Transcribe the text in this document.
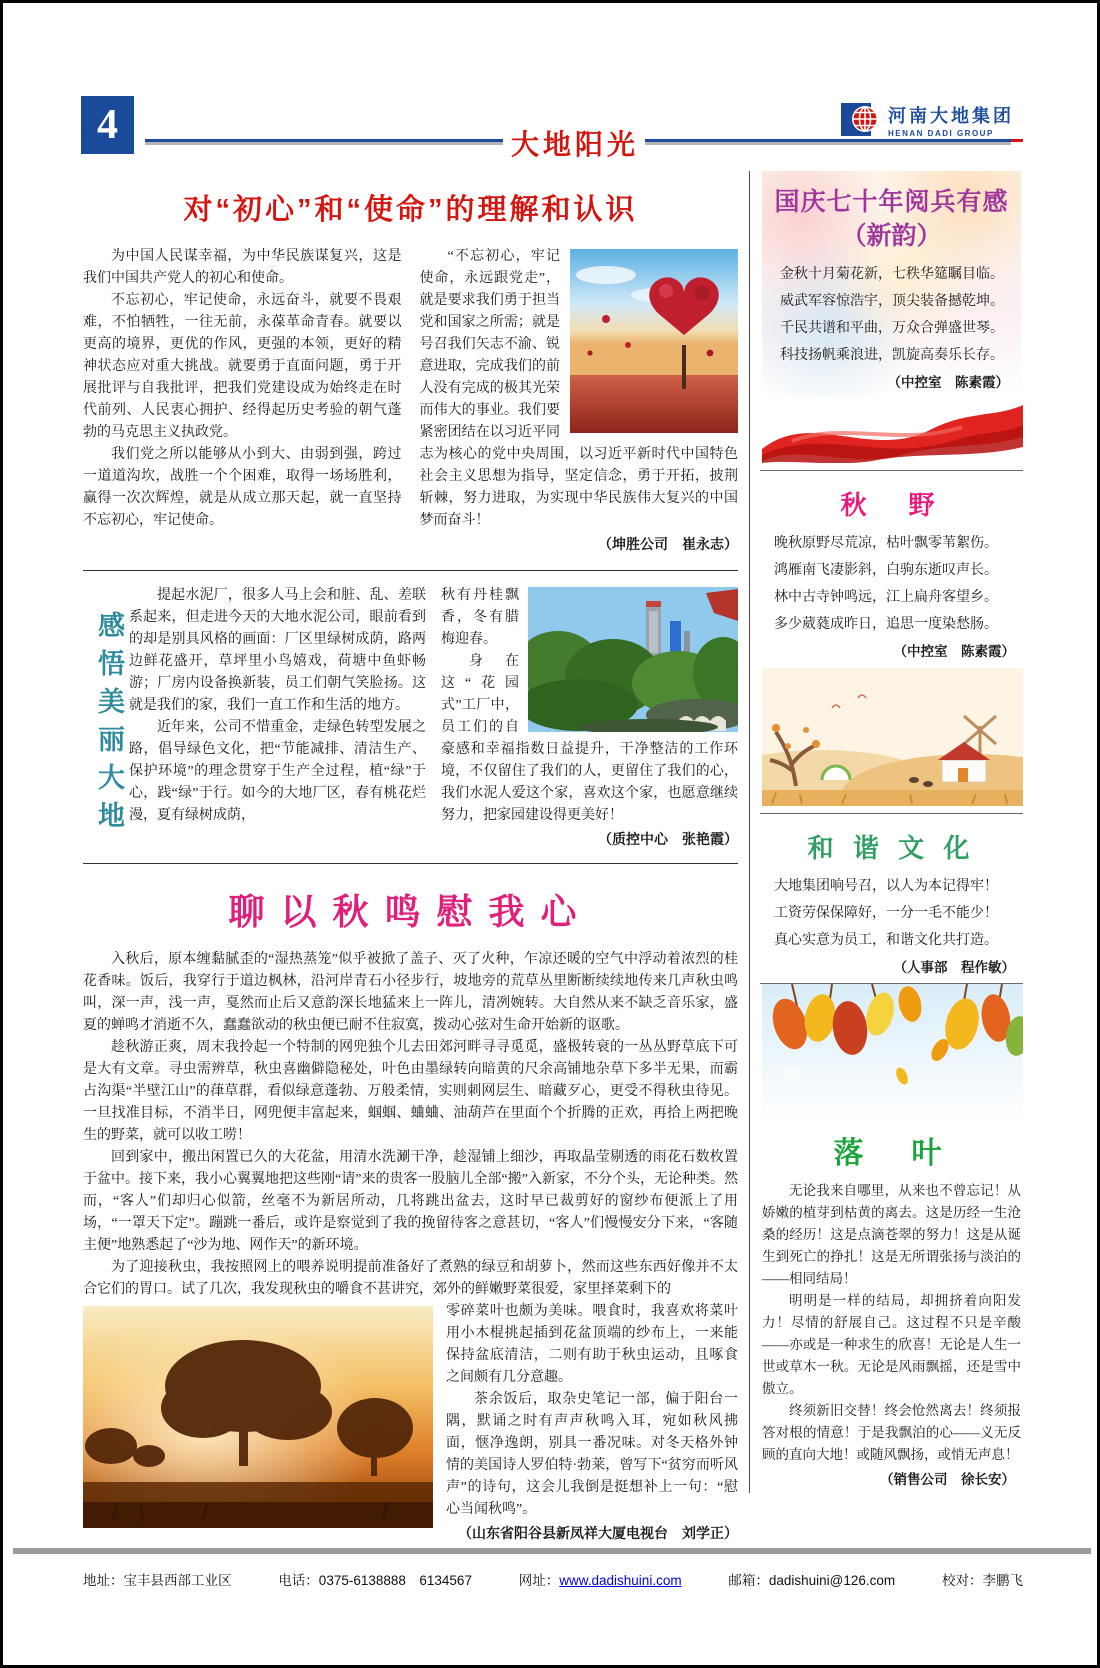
4	大地阳光
河南大地集团
HENAN DADI GROUP
对“初心”和“使命”的理解和认识

为中国人民谋幸福，为中华民族谋复兴，这是我们中国共产党人的初心和使命。

不忘初心，牢记使命，永远奋斗，就要不畏艰难，不怕牺牲，一往无前，永葆革命青春。就要以更高的境界，更优的作风，更强的本领，更好的精神状态应对重大挑战。就要勇于直面问题，勇于开展批评与自我批评，把我们党建设成为始终走在时代前列、人民衷心拥护、经得起历史考验的朝气蓬勃的马克思主义执政党。

我们党之所以能够从小到大、由弱到强，跨过一道道沟坎，战胜一个个困难，取得一场场胜利，赢得一次次辉煌，就是从成立那天起，就一直坚持不忘初心，牢记使命。

“不忘初心，牢记使命，永远跟党走”，就是要求我们勇于担当党和国家之所需；就是号召我们矢志不渝、锐意进取，完成我们的前人没有完成的极其光荣而伟大的事业。我们要紧密团结在以习近平同志为核心的党中央周围，以习近平新时代中国特色社会主义思想为指导，坚定信念，勇于开拓，披荆斩棘，努力进取，为实现中华民族伟大复兴的中国梦而奋斗！

（坤胜公司　崔永志）

感悟美丽大地

提起水泥厂，很多人马上会和脏、乱、差联系起来，但走进今天的大地水泥公司，眼前看到的却是别具风格的画面：厂区里绿树成荫，路两边鲜花盛开，草坪里小鸟嬉戏，荷塘中鱼虾畅游；厂房内设备换新装，员工们朝气笑脸扬。这就是我们的家，我们一直工作和生活的地方。

近年来，公司不惜重金，走绿色转型发展之路，倡导绿色文化，把“节能减排、清洁生产、保护环境”的理念贯穿于生产全过程，植“绿”于心，践“绿”于行。如今的大地厂区，春有桃花烂漫，夏有绿树成荫，

秋有丹桂飘香，冬有腊梅迎春。

身在这“花园式”工厂中，员工们的自豪感和幸福指数日益提升，干净整洁的工作环境，不仅留住了我们的人，更留住了我们的心，我们水泥人爱这个家，喜欢这个家，也愿意继续努力，把家园建设得更美好！

（质控中心　张艳霞）

聊以秋鸣慰我心

入秋后，原本缠黏腻歪的“湿热蒸笼”似乎被掀了盖子、灭了火种，乍凉还暖的空气中浮动着浓烈的桂花香味。饭后，我穿行于道边枫林，沿河岸青石小径步行，坡地旁的荒草丛里断断续续地传来几声秋虫鸣叫，深一声，浅一声，戛然而止后又意韵深长地猛来上一阵儿，清冽婉转。大自然从来不缺乏音乐家，盛夏的蝉鸣才消逝不久，蠢蠢欲动的秋虫便已耐不住寂寞，拨动心弦对生命开始新的讴歌。

趁秋游正爽，周末我拎起一个特制的网兜独个儿去田郊河畔寻寻觅觅，盛极转衰的一丛丛野草底下可是大有文章。寻虫需辨草，秋虫喜幽僻隐秘处，叶色由墨绿转向暗黄的尺余高铺地杂草下多半无果，而霸占沟渠“半壁江山”的葎草群，看似绿意蓬勃、万般柔情，实则刺网层生、暗藏歹心，更受不得秋虫待见。一旦找准目标，不消半日，网兜便丰富起来，蝈蝈、蛐蛐、油葫芦在里面个个折腾的正欢，再拾上两把晚生的野菜，就可以收工唠！

回到家中，搬出闲置已久的大花盆，用清水洗涮干净，趁湿铺上细沙，再取晶莹剔透的雨花石数枚置于盆中。接下来，我小心翼翼地把这些刚“请”来的贵客一股脑儿全部“搬”入新家，不分个头，无论种类。然而，“客人”们却归心似箭，丝毫不为新居所动，几将跳出盆去，这时早已裁剪好的窗纱布便派上了用场，“一罩天下定”。蹦跳一番后，或许是察觉到了我的挽留待客之意甚切，“客人”们慢慢安分下来，“客随主便”地熟悉起了“沙为地、网作天”的新环境。

为了迎接秋虫，我按照网上的喂养说明提前准备好了煮熟的绿豆和胡萝卜，然而这些东西好像并不太合它们的胃口。试了几次，我发现秋虫的嚼食不甚讲究，郊外的鲜嫩野菜很爱，家里择菜剩下的

零碎菜叶也颇为美味。喂食时，我喜欢将菜叶用小木棍挑起插到花盆顶端的纱布上，一来能保持盆底清洁，二则有助于秋虫运动，且啄食之间颇有几分意趣。

茶余饭后，取杂史笔记一部，偏于阳台一隅，默诵之时有声声秋鸣入耳，宛如秋风拂面，惬净逸朗，别具一番况味。对冬天格外钟情的美国诗人罗伯特·勃莱，曾写下“贫穷而听风声”的诗句，这会儿我倒是挺想补上一句：“慰心当闻秋鸣”。

（山东省阳谷县新凤祥大厦电视台　刘学正）

国庆七十年阅兵有感
（新韵）
金秋十月菊花新，七秩华筵瞩目临。
威武军容惊浩宇，顶尖装备撼乾坤。
千民共谱和平曲，万众合弹盛世琴。
科技扬帆乘浪进，凯旋高奏乐长存。
（中控室　陈素霞）
秋　野
晚秋原野尽荒凉，枯叶飘零苇絮伤。
鸿雁南飞凄影斜，白驹东逝叹声长。
林中古寺钟鸣远，江上扁舟客望乡。
多少葳蕤成昨日，追思一度染愁肠。
（中控室　陈素霞）
和 谐 文 化
大地集团响号召，以人为本记得牢！
工资劳保保障好，一分一毛不能少！
真心实意为员工，和谐文化共打造。
（人事部　程作敏）
落叶

无论我来自哪里，从来也不曾忘记！从娇嫩的植芽到枯黄的离去。这是历经一生沧桑的经历！这是点滴苍翠的努力！这是从诞生到死亡的挣扎！这是无所谓张扬与淡泊的——相同结局！

明明是一样的结局，却拥挤着向阳发力！尽情的舒展自己。这过程不只是辛酸——亦或是一种求生的欣喜！无论是人生一世或草木一秋。无论是风雨飘摇，还是雪中傲立。

终须新旧交替！终会怆然离去！终须报答对根的情意！于是我飘泊的心——义无反顾的直向大地！或随风飘扬，或悄无声息！

（销售公司　徐长安）
地址：宝丰县西部工业区	电话：0375-6138888　6134567	网址：www.dadishuini.com	邮箱：dadishuini@126.com	校对：李鹏飞
